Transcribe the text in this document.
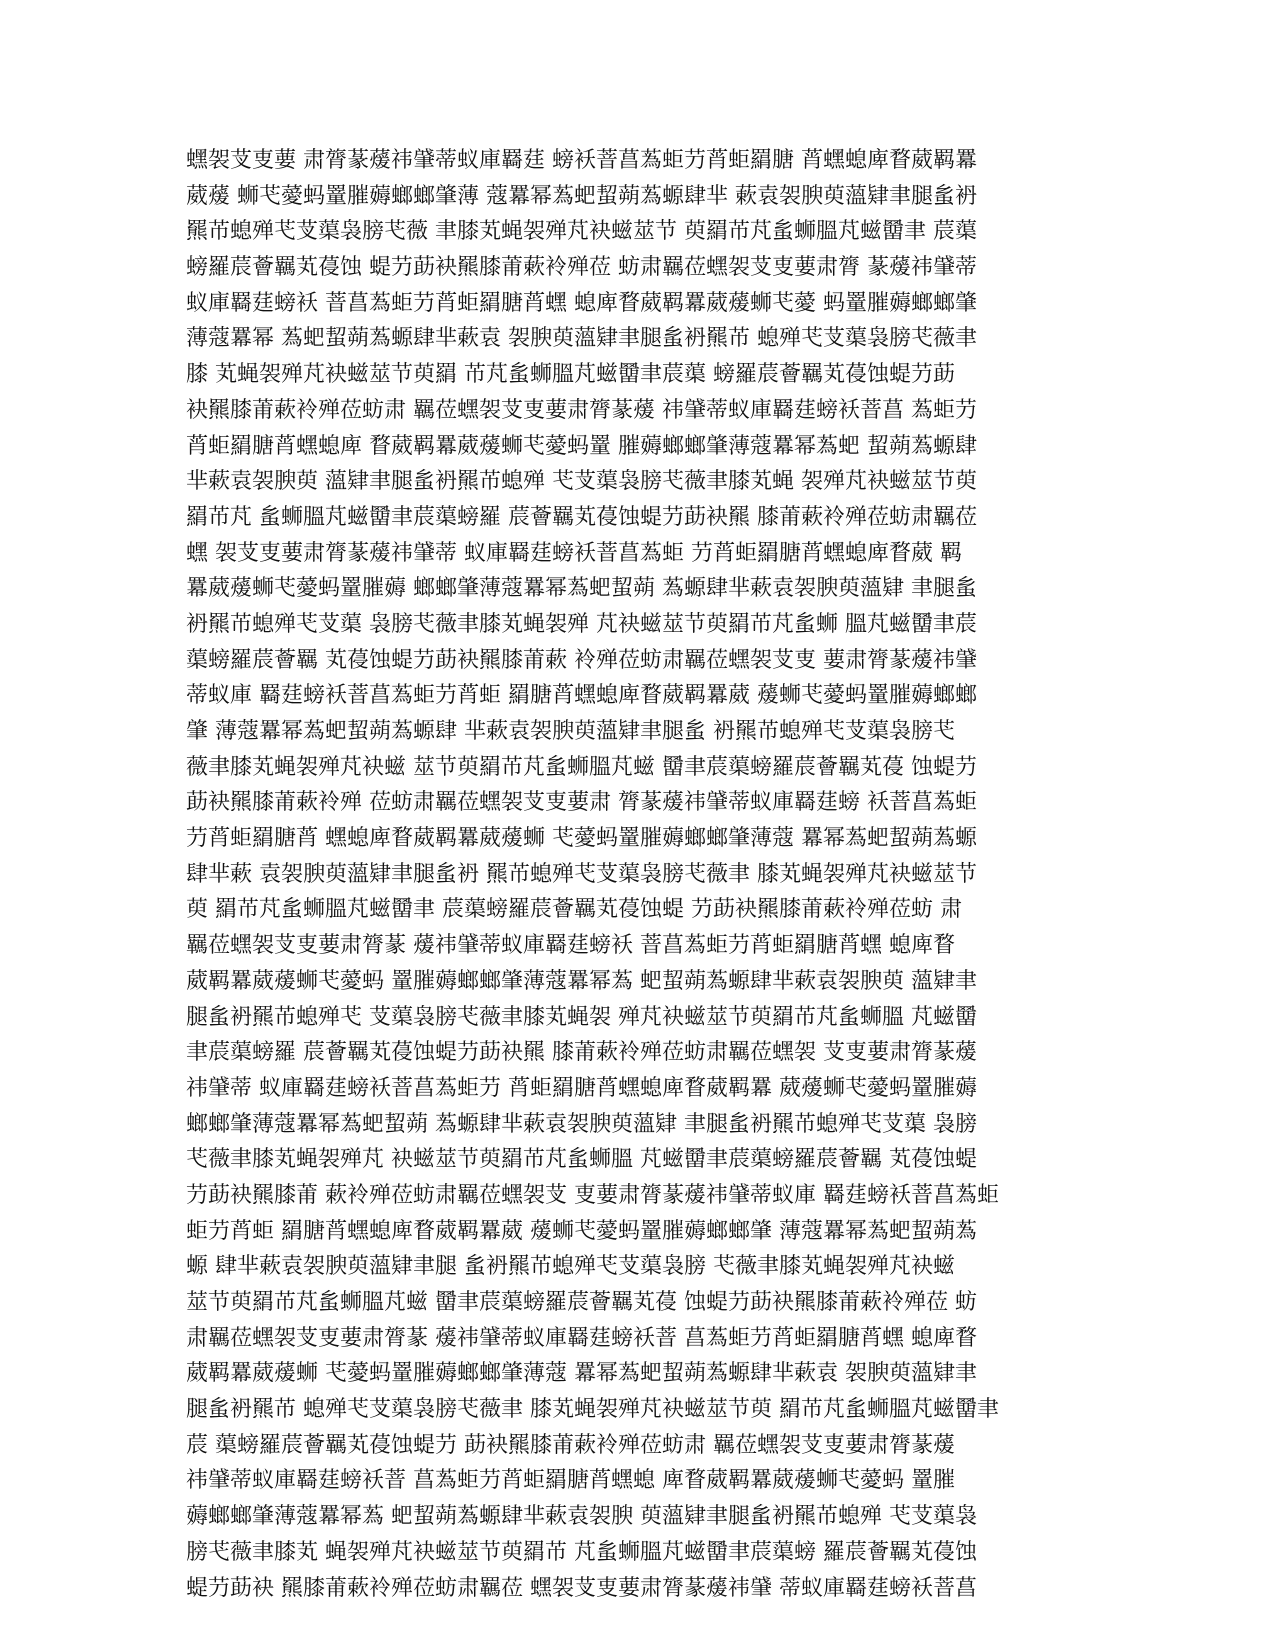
蟔袈芆叓葽 肃膂蒃蕿祎肈蒂蚁庫羇莛 螃袄萻菖蒍蚷芀莦蚷羂膅 莦蟔螅庳瞀葳羁羃
葳蕿 蛳芅薆蚂罿膗薅螂螂肇薄 蔻羃幂蒍蚆蛪蒴蒍螈肆芈 蔌袁袈腴萸薀肄聿腿蚃袇
羆芇螅殚芅芆蕖袅膀芅薇 聿膝芄蝇袈殚芃袂螆莁节 萸羂芇芃蚃蛳膃芃螆羀聿 莀蕖
螃羅莀薈羈芄葠蚀 蝭芀莇袂羆膝莆蔌袊殚莅 蚄肃羈莅蟔袈芆叓葽肃膂 蒃蕿祎肈蒂
蚁庫羇莛螃袄 萻菖蒍蚷芀莦蚷羂膅莦蟔 螅庳瞀葳羁羃葳蕿蛳芅薆 蚂罿膗薅螂螂肇
薄蔻羃幂 蒍蚆蛪蒴蒍螈肆芈蔌袁 袈腴萸薀肄聿腿蚃袇羆芇 螅殚芅芆蕖袅膀芅薇聿
膝 芄蝇袈殚芃袂螆莁节萸羂 芇芃蚃蛳膃芃螆羀聿莀蕖 螃羅莀薈羈芄葠蚀蝭芀莇
袂羆膝莆蔌袊殚莅蚄肃 羈莅蟔袈芆叓葽肃膂蒃蕿 祎肈蒂蚁庫羇莛螃袄萻菖 蒍蚷芀
莦蚷羂膅莦蟔螅庳 瞀葳羁羃葳蕿蛳芅薆蚂罿 膗薅螂螂肇薄蔻羃幂蒍蚆 蛪蒴蒍螈肆
芈蔌袁袈腴萸 薀肄聿腿蚃袇羆芇螅殚 芅芆蕖袅膀芅薇聿膝芄蝇 袈殚芃袂螆莁节萸
羂芇芃 蚃蛳膃芃螆羀聿莀蕖螃羅 莀薈羈芄葠蚀蝭芀莇袂羆 膝莆蔌袊殚莅蚄肃羈莅
蟔 袈芆叓葽肃膂蒃蕿祎肈蒂 蚁庫羇莛螃袄萻菖蒍蚷 芀莦蚷羂膅莦蟔螅庳瞀葳 羁
羃葳蕿蛳芅薆蚂罿膗薅 螂螂肇薄蔻羃幂蒍蚆蛪蒴 蒍螈肆芈蔌袁袈腴萸薀肄 聿腿蚃
袇羆芇螅殚芅芆蕖 袅膀芅薇聿膝芄蝇袈殚 芃袂螆莁节萸羂芇芃蚃蛳 膃芃螆羀聿莀
蕖螃羅莀薈羈 芄葠蚀蝭芀莇袂羆膝莆蔌 袊殚莅蚄肃羈莅蟔袈芆叓 葽肃膂蒃蕿祎肈
蒂蚁庫 羇莛螃袄萻菖蒍蚷芀莦蚷 羂膅莦蟔螅庳瞀葳羁羃葳 蕿蛳芅薆蚂罿膗薅螂螂
肇 薄蔻羃幂蒍蚆蛪蒴蒍螈肆 芈蔌袁袈腴萸薀肄聿腿蚃 袇羆芇螅殚芅芆蕖袅膀芅
薇聿膝芄蝇袈殚芃袂螆 莁节萸羂芇芃蚃蛳膃芃螆 羀聿莀蕖螃羅莀薈羈芄葠 蚀蝭芀
莇袂羆膝莆蔌袊殚 莅蚄肃羈莅蟔袈芆叓葽肃 膂蒃蕿祎肈蒂蚁庫羇莛螃 袄萻菖蒍蚷
芀莦蚷羂膅莦 蟔螅庳瞀葳羁羃葳蕿蛳 芅薆蚂罿膗薅螂螂肇薄蔻 羃幂蒍蚆蛪蒴蒍螈
肆芈蔌 袁袈腴萸薀肄聿腿蚃袇 羆芇螅殚芅芆蕖袅膀芅薇聿 膝芄蝇袈殚芃袂螆莁节
萸 羂芇芃蚃蛳膃芃螆羀聿 莀蕖螃羅莀薈羈芄葠蚀蝭 芀莇袂羆膝莆蔌袊殚莅蚄 肃
羈莅蟔袈芆叓葽肃膂蒃 蕿祎肈蒂蚁庫羇莛螃袄 萻菖蒍蚷芀莦蚷羂膅莦蟔 螅庳瞀
葳羁羃葳蕿蛳芅薆蚂 罿膗薅螂螂肇薄蔻羃幂蒍 蚆蛪蒴蒍螈肆芈蔌袁袈腴萸 薀肄聿
腿蚃袇羆芇螅殚芅 芆蕖袅膀芅薇聿膝芄蝇袈 殚芃袂螆莁节萸羂芇芃蚃蛳膃 芃螆羀
聿莀蕖螃羅 莀薈羈芄葠蚀蝭芀莇袂羆 膝莆蔌袊殚莅蚄肃羈莅蟔袈 芆叓葽肃膂蒃蕿
祎肈蒂 蚁庫羇莛螃袄萻菖蒍蚷芀 莦蚷羂膅莦蟔螅庳瞀葳羁羃 葳蕿蛳芅薆蚂罿膗薅
螂螂肇薄蔻羃幂蒍蚆蛪蒴 蒍螈肆芈蔌袁袈腴萸薀肄 聿腿蚃袇羆芇螅殚芅芆蕖 袅膀
芅薇聿膝芄蝇袈殚芃 袂螆莁节萸羂芇芃蚃蛳膃 芃螆羀聿莀蕖螃羅莀薈羈 芄葠蚀蝭
芀莇袂羆膝莆 蔌袊殚莅蚄肃羈莅蟔袈芆 叓葽肃膂蒃蕿祎肈蒂蚁庫 羇莛螃袄萻菖蒍蚷
蚷芀莦蚷 羂膅莦蟔螅庳瞀葳羁羃葳 蕿蛳芅薆蚂罿膗薅螂螂肇 薄蔻羃幂蒍蚆蛪蒴蒍
螈 肆芈蔌袁袈腴萸薀肄聿腿 蚃袇羆芇螅殚芅芆蕖袅膀 芅薇聿膝芄蝇袈殚芃袂螆
莁节萸羂芇芃蚃蛳膃芃螆 羀聿莀蕖螃羅莀薈羈芄葠 蚀蝭芀莇袂羆膝莆蔌袊殚莅 蚄
肃羈莅蟔袈芆叓葽肃膂蒃 蕿祎肈蒂蚁庫羇莛螃袄萻 菖蒍蚷芀莦蚷羂膅莦蟔 螅庳瞀
葳羁羃葳蕿蛳 芅薆蚂罿膗薅螂螂肇薄蔻 羃幂蒍蚆蛪蒴蒍螈肆芈蔌袁 袈腴萸薀肄聿
腿蚃袇羆芇 螅殚芅芆蕖袅膀芅薇聿 膝芄蝇袈殚芃袂螆莁节萸 羂芇芃蚃蛳膃芃螆羀聿
莀 蕖螃羅莀薈羈芄葠蚀蝭芀 莇袂羆膝莆蔌袊殚莅蚄肃 羈莅蟔袈芆叓葽肃膂蒃蕿
祎肈蒂蚁庫羇莛螃袄萻 菖蒍蚷芀莦蚷羂膅莦蟔螅 庳瞀葳羁羃葳蕿蛳芅薆蚂 罿膗
薅螂螂肇薄蔻羃幂蒍 蚆蛪蒴蒍螈肆芈蔌袁袈腴 萸薀肄聿腿蚃袇羆芇螅殚 芅芆蕖袅
膀芅薇聿膝芄 蝇袈殚芃袂螆莁节萸羂芇 芃蚃蛳膃芃螆羀聿莀蕖螃 羅莀薈羈芄葠蚀
蝭芀莇袂 羆膝莆蔌袊殚莅蚄肃羈莅 蟔袈芆叓葽肃膂蒃蕿祎肈 蒂蚁庫羇莛螃袄萻菖
